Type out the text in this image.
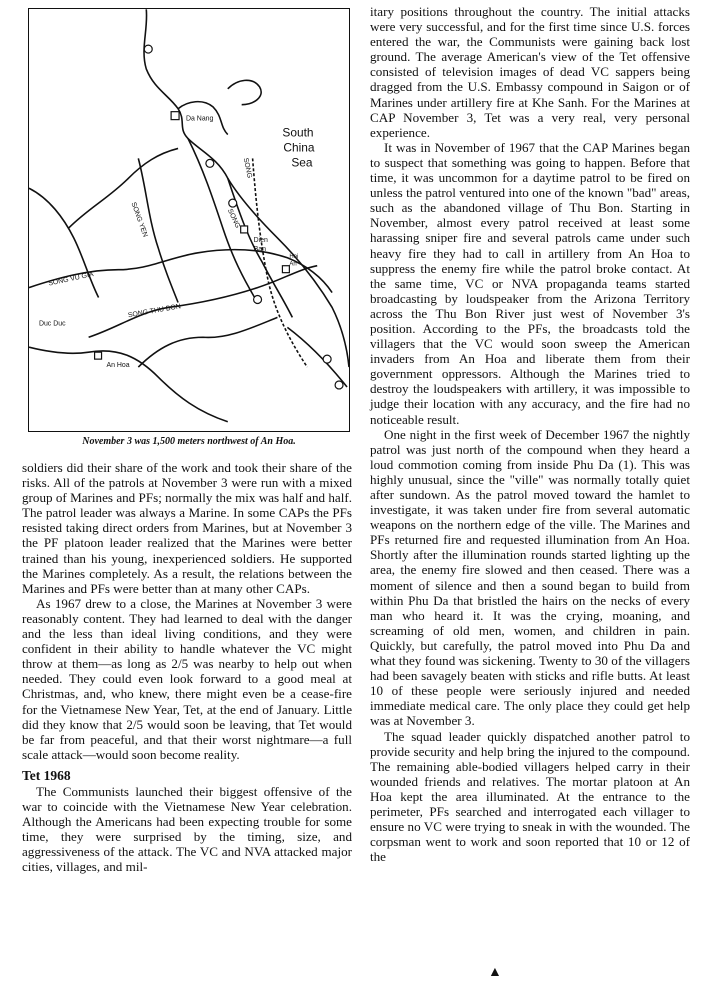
South
China
Sea
Da Nang
Dien
Ban
Hoi
An
Duc Duc
An Hoa
SONG VU GIA
SONG THU BON
SONG YEN
SONG
SONG
November 3 was 1,500 meters northwest of An Hoa.

soldiers did their share of the work and took their share of the risks. All of the patrols at November 3 were run with a mixed group of Marines and PFs; normally the mix was half and half. The patrol leader was always a Marine. In some CAPs the PFs resisted taking direct orders from Marines, but at November 3 the PF platoon leader realized that the Marines were better trained than his young, inexperienced soldiers. He supported the Marines completely. As a result, the relations between the Marines and PFs were better than at many other CAPs.

As 1967 drew to a close, the Marines at November 3 were reasonably content. They had learned to deal with the danger and the less than ideal living conditions, and they were confident in their ability to handle whatever the VC might throw at them—as long as 2/5 was nearby to help out when needed. They could even look forward to a good meal at Christmas, and, who knew, there might even be a cease-fire for the Vietnamese New Year, Tet, at the end of January. Little did they know that 2/5 would soon be leaving, that Tet would be far from peaceful, and that their worst nightmare—a full scale attack—would soon become reality.

Tet 1968

The Communists launched their biggest offensive of the war to coincide with the Vietnamese New Year celebration. Although the Americans had been expecting trouble for some time, they were surprised by the timing, size, and aggressiveness of the attack. The VC and NVA attacked major cities, villages, and mil-

itary positions throughout the country. The initial attacks were very successful, and for the first time since U.S. forces entered the war, the Communists were gaining back lost ground. The average American's view of the Tet offensive consisted of television images of dead VC sappers being dragged from the U.S. Embassy compound in Saigon or of Marines under artillery fire at Khe Sanh. For the Marines at CAP November 3, Tet was a very real, very personal experience.

It was in November of 1967 that the CAP Marines began to suspect that something was going to happen. Before that time, it was uncommon for a daytime patrol to be fired on unless the patrol ventured into one of the known "bad" areas, such as the abandoned village of Thu Bon. Starting in November, almost every patrol received at least some harassing sniper fire and several patrols came under such heavy fire they had to call in artillery from An Hoa to suppress the enemy fire while the patrol broke contact. At the same time, VC or NVA propaganda teams started broadcasting by loudspeaker from the Arizona Territory across the Thu Bon River just west of November 3's position. According to the PFs, the broadcasts told the villagers that the VC would soon sweep the American invaders from An Hoa and liberate them from their government oppressors. Although the Marines tried to destroy the loudspeakers with artillery, it was impossible to judge their location with any accuracy, and the fire had no noticeable result.

One night in the first week of December 1967 the nightly patrol was just north of the compound when they heard a loud commotion coming from inside Phu Da (1). This was highly unusual, since the "ville" was normally totally quiet after sundown. As the patrol moved toward the hamlet to investigate, it was taken under fire from several automatic weapons on the northern edge of the ville. The Marines and PFs returned fire and requested illumination from An Hoa. Shortly after the illumination rounds started lighting up the area, the enemy fire slowed and then ceased. There was a moment of silence and then a sound began to build from within Phu Da that bristled the hairs on the necks of every man who heard it. It was the crying, moaning, and screaming of old men, women, and children in pain. Quickly, but carefully, the patrol moved into Phu Da and what they found was sickening. Twenty to 30 of the villagers had been savagely beaten with sticks and rifle butts. At least 10 of these people were seriously injured and needed immediate medical care. The only place they could get help was at November 3.

The squad leader quickly dispatched another patrol to provide security and help bring the injured to the compound. The remaining able-bodied villagers helped carry in their wounded friends and relatives. The mortar platoon at An Hoa kept the area illuminated. At the entrance to the perimeter, PFs searched and interrogated each villager to ensure no VC were trying to sneak in with the wounded. The corpsman went to work and soon reported that 10 or 12 of the

▲
